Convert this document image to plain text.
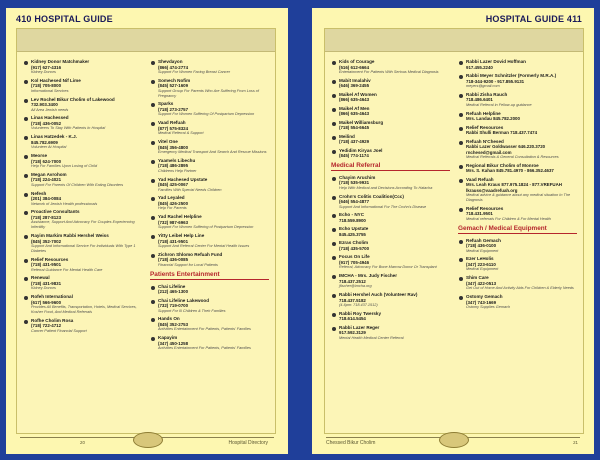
410 HOSPITAL GUIDE
Kidney Donor Matchmaker
(917) 627-4316
Kidney Donors
Kol Hachesed Nif Lime
(718) 705-8000
Informational Services
Lev Rochel Bikur Cholim of Lakewood
732.903.3400
All Area Jewish needs
Linas Hachessed
(718) 436-0052
Volunteers To Stay With Patients In Hospital
Linas Hatzedek - K.J.
845.782.6909
Volunteer At Hospital
Meorse
(718) 624-7000
Help For Families Upon Losing of Child
Megan Avrohom
(718) 224-4021
Support For Parents Of Children With Eating Disorders
Nefesh
(201) 384-0084
Network of Jewish Health professionals
Proactive Consultants
(718) 287-8123
Assistance, Support And Advocacy For Couples Experiencing Infertility
Rayim Markim Rabbi Hershel Weiss
(845) 352-7002
Support And Informational Service For Individuals With Type 1 Diabetes
Relief Resources
(718) 431-9501
Referral Guidance For Mental Health Care
Renewal
(718) 431-9831
Kidney Donors
Rofeh International
(617) 566-9600
Provides All Benefits, Transportation, Hotels, Medical Services, Kosher Food, And Medical Referrals
Rofhe Cholim Rosa
(718) 722-4712
Cancer Patient Financial Support
Shevdayon
(866) 474-2774
Support For Women Facing Breast Cancer
Somech Nofim
(845) 527-1609
Support Group For Parents Who Are Suffering From Loss of Pregnancy
Sparks
(718) 273-2757
Support For Women Suffering Of Postpartum Depression
Vaad Refuah
(877) 575-8324
Medical Referral & Support
Vitel One
(845) 356-4800
Emergency Medical Transport And Search And Rescue Missions
Yaamels Libechu
(718) 486-2895
Childrens Help Partner
Yad Hachesed Upstate
(845) 425-0067
Families With Special Needs Children
Yad Leyaled
(845) 426-2500
Help For Parents
Yad Rachel Helpline
(732) 987-6963
Support For Women Suffering of Postpartum Depression
Yitty Leibel Help Line
(718) 431-9501
Support And Referral Center For Mental Health Issues
Zichron Shlomo Refuah Fund
(718) 436-0085
Financial Support for Local Patients
Patients Entertainment
Chai Lifeline
(212) 465-1300
Chai Lifeline Lakewood
(732) 719-0700
Support For Ill Children & Their Families
Hands On
(845) 352-2753
Activities Entertainment For Patients, Patients' Families
Kapayim
(347) 450-1258
Activities Entertainment For Patients, Patients' Families
20	Hospital Directory
HOSPITAL GUIDE 411
Kids of Courage
(516) 612-6664
Entertainment For Patients With Serious Medical Diagnosis
Mabit Imalahiv
(646) 369-2455
Maikel Af Women
(866) 635-4643
Maikel Af Men
(866) 635-4643
Maikel Williamsburg
(718) 554-6645
Meilind
(718) 437-4929
Yedidim Kiryas Joel
(845) 774-1174
Medical Referral
Chayim Aruchim
(718) 535-9931
Help With Medical and Decisions According To Halacha
Crohn's Colitis Coalition(Ccc)
(646) 554-4877
Support And Informational For The Crohn's Disease
Echo - NYC
718.559.8900
Echo Upstate
845.425.3755
Ezras Cholim
(718) 435-5700
Focus On Life
(917) 705-4946
Referral, Advocacy For Bone Marrow Donor Or Transplant
IMCHA - Mrs. Judy Fischer
718.437.2512
jfischer@imcha.org
Rabbi Hershel Auch (Volunteer Rav)
718.437.5182
(4-6pm: 718.437.1512)
Rabbi Roy Twersky
718.614.5454
Rabbi Lazer Reger
917.592.3129
Mental Health Medical Center Referral
Rabbi Lazer Dovid Hoffman
917.455.2240
Rabbi Meyer Schnitzler (Formerly M.R.A.)
718-344-9200 - 917.855.9131
meyers@gmail.com
Rabbi Zisha Rauch
718.486.6401
Medical Referral in Fellow-up guidance
Refuah Helpline
Mrs. Landau 845.782.2000
Relief Resources
Rabbi Shulli Berman 718.437.7474
Refuah N'Chesed
Rabbi Lazer Goldwasser 646.220.3720 rnchesed@gmail.com
Medical Referrals & General Consultation & Resources
Regional Bikur Cholim of Monroe
Mrs. S. Kahan 845.781.4970 - 866.352.4637
Vaad Refuah
Mrs. Leah Kraus 877.975.1824 - 877.VREFUAH lkrauss@vaadrefuah.org
Medical advice & guidance about any medical situation In The Diagnosis
Relief Resources
718.431.9501
Medical referrals For Children & For Mental Health
Gemach / Medical Equipment
Refuah Gemach
(718) 436-0100
Medical Equipment
Ezer LeHolis
(347) 223-6110
Medical Equipment
Shim Care
(347) 422-0513
Get Out of Home And Activity Aids For Children & Elderly Needs
Ostomy Gemach
(347) 743-1669
Ostomy Supplies Gemach
Chessed Bikur Cholim	21
